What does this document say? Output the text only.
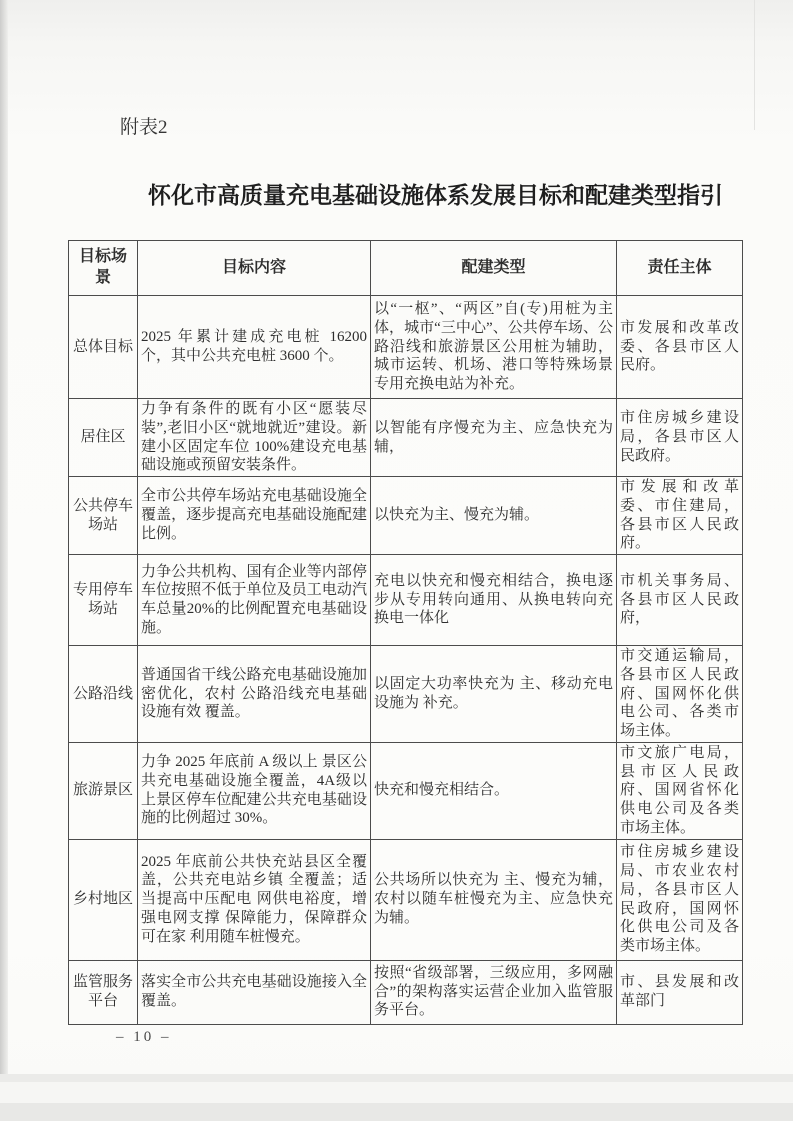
附表2
怀化市高质量充电基础设施体系发展目标和配建类型指引
目标场景	目标内容	配建类型	责任主体
总体目标	2025 年累计建成充电桩 16200 个，其中公共充电桩 3600 个。	以“一枢”、“两区”自(专)用桩为主体，城市“三中心”、公共停车场、公路沿线和旅游景区公用桩为辅助，城市运转、机场、港口等特殊场景专用充换电站为补充。	市发展和改革改委、各县市区人民府。
居住区	力争有条件的既有小区“愿装尽装”,老旧小区“就地就近”建设。新建小区固定车位 100%建设充电基础设施或预留安装条件。	以智能有序慢充为主、应急快充为辅，	市住房城乡建设局，各县市区人民政府。
公共停车场站	全市公共停车场站充电基础设施全覆盖，逐步提高充电基础设施配建比例。	以快充为主、慢充为辅。	市发展和改革委、市住建局，各县市区人民政府。
专用停车场站	力争公共机构、国有企业等内部停车位按照不低于单位及员工电动汽车总量20%的比例配置充电基础设施。	充电以快充和慢充相结合，换电逐步从专用转向通用、从换电转向充换电一体化	市机关事务局、各县市区人民政府，
公路沿线	普通国省干线公路充电基础设施加密优化，农村 公路沿线充电基础设施有效 覆盖。	以固定大功率快充为 主、移动充电设施为 补充。	市交通运输局，各县市区人民政府、国网怀化供电公司、各类市场主体。
旅游景区	力争 2025 年底前 A 级以上 景区公共充电基础设施全覆盖，4A级以上景区停车位配建公共充电基础设施的比例超过 30%。	快充和慢充相结合。	市文旅广电局，县市区人民政府、国网省怀化供电公司及各类市场主体。
乡村地区	2025 年底前公共快充站县区全覆盖，公共充电站乡镇 全覆盖；适当提高中压配电 网供电裕度，增强电网支撑 保障能力，保障群众可在家 利用随车桩慢充。	公共场所以快充为 主、慢充为辅，农村以随车桩慢充为主、应急快充为辅。	市住房城乡建设局、市农业农村局，各县市区人民政府，国网怀化供电公司及各类市场主体。
监管服务平台	落实全市公共充电基础设施接入全覆盖。	按照“省级部署，三级应用，多网融合”的架构落实运营企业加入监管服务平台。	市、县发展和改革部门
– 10 –
